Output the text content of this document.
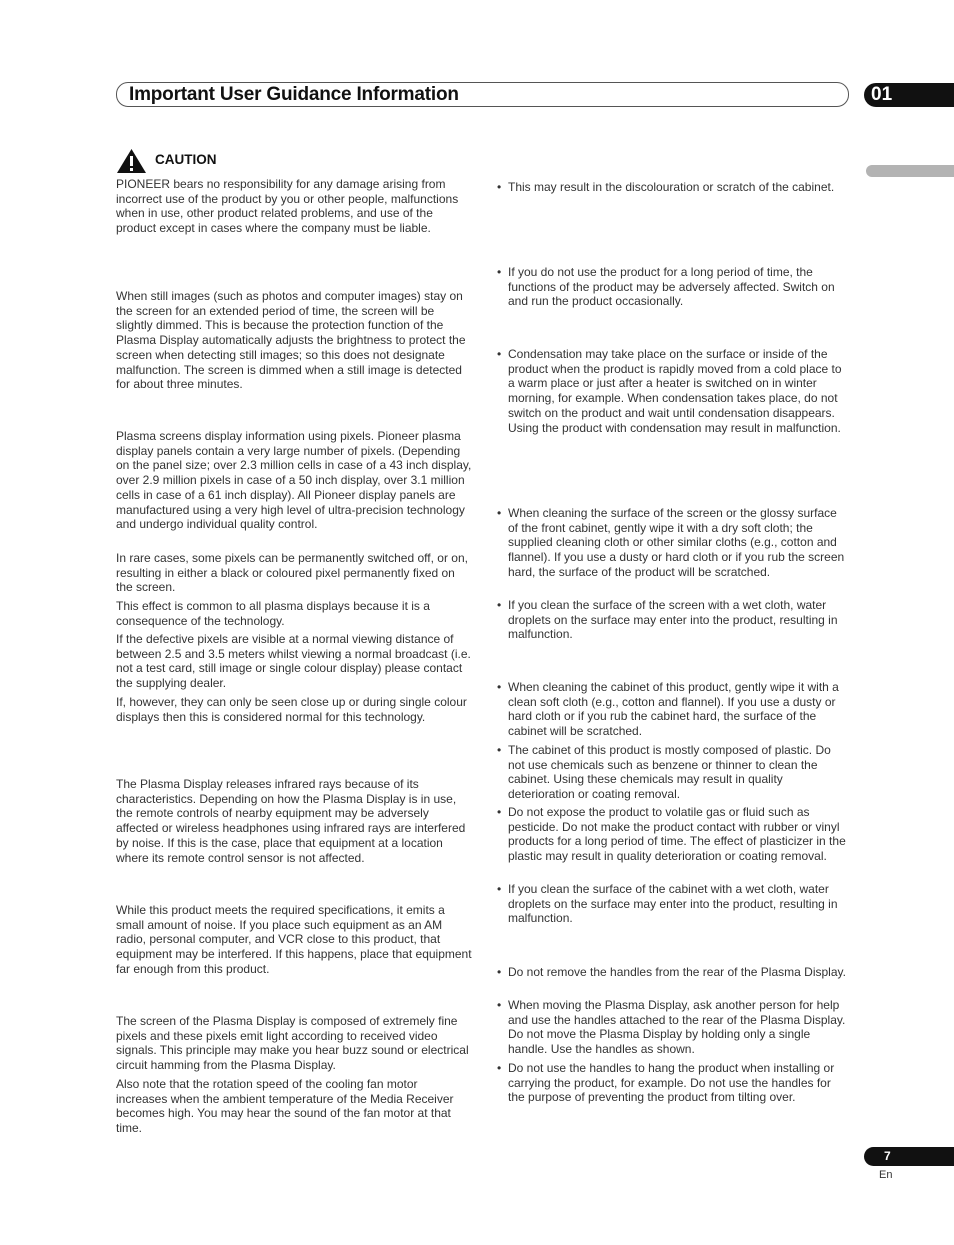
Important User Guidance Information	01
CAUTION

PIONEER bears no responsibility for any damage arising from incorrect use of the product by you or other people, malfunctions when in use, other product related problems, and use of the product except in cases where the company must be liable.

When still images (such as photos and computer images) stay on the screen for an extended period of time, the screen will be slightly dimmed. This is because the protection function of the Plasma Display automatically adjusts the brightness to protect the screen when detecting still images; so this does not designate malfunction. The screen is dimmed when a still image is detected for about three minutes.

Plasma screens display information using pixels. Pioneer plasma display panels contain a very large number of pixels. (Depending on the panel size; over 2.3 million cells in case of a 43 inch display, over 2.9 million pixels in case of a 50 inch display, over 3.1 million cells in case of a 61 inch display). All Pioneer display panels are manufactured using a very high level of ultra-precision technology and undergo individual quality control.

In rare cases, some pixels can be permanently switched off, or on, resulting in either a black or coloured pixel permanently fixed on the screen.

This effect is common to all plasma displays because it is a consequence of the technology.

If the defective pixels are visible at a normal viewing distance of between 2.5 and 3.5 meters whilst viewing a normal broadcast (i.e. not a test card, still image or single colour display) please contact the supplying dealer.

If, however, they can only be seen close up or during single colour displays then this is considered normal for this technology.

The Plasma Display releases infrared rays because of its characteristics. Depending on how the Plasma Display is in use, the remote controls of nearby equipment may be adversely affected or wireless headphones using infrared rays are interfered by noise. If this is the case, place that equipment at a location where its remote control sensor is not affected.

While this product meets the required specifications, it emits a small amount of noise. If you place such equipment as an AM radio, personal computer, and VCR close to this product, that equipment may be interfered. If this happens, place that equipment far enough from this product.

The screen of the Plasma Display is composed of extremely fine pixels and these pixels emit light according to received video signals. This principle may make you hear buzz sound or electrical circuit hamming from the Plasma Display.

Also note that the rotation speed of the cooling fan motor increases when the ambient temperature of the Media Receiver becomes high. You may hear the sound of the fan motor at that time.

• This may result in the discolouration or scratch of the cabinet.

• If you do not use the product for a long period of time, the functions of the product may be adversely affected. Switch on and run the product occasionally.

• Condensation may take place on the surface or inside of the product when the product is rapidly moved from a cold place to a warm place or just after a heater is switched on in winter morning, for example. When condensation takes place, do not switch on the product and wait until condensation disappears. Using the product with condensation may result in malfunction.

• When cleaning the surface of the screen or the glossy surface of the front cabinet, gently wipe it with a dry soft cloth; the supplied cleaning cloth or other similar cloths (e.g., cotton and flannel). If you use a dusty or hard cloth or if you rub the screen hard, the surface of the product will be scratched.

• If you clean the surface of the screen with a wet cloth, water droplets on the surface may enter into the product, resulting in malfunction.

• When cleaning the cabinet of this product, gently wipe it with a clean soft cloth (e.g., cotton and flannel). If you use a dusty or hard cloth or if you rub the cabinet hard, the surface of the cabinet will be scratched.

• The cabinet of this product is mostly composed of plastic. Do not use chemicals such as benzene or thinner to clean the cabinet. Using these chemicals may result in quality deterioration or coating removal.

• Do not expose the product to volatile gas or fluid such as pesticide. Do not make the product contact with rubber or vinyl products for a long period of time. The effect of plasticizer in the plastic may result in quality deterioration or coating removal.

• If you clean the surface of the cabinet with a wet cloth, water droplets on the surface may enter into the product, resulting in malfunction.

• Do not remove the handles from the rear of the Plasma Display.

• When moving the Plasma Display, ask another person for help and use the handles attached to the rear of the Plasma Display. Do not move the Plasma Display by holding only a single handle. Use the handles as shown.

• Do not use the handles to hang the product when installing or carrying the product, for example. Do not use the handles for the purpose of preventing the product from tilting over.

7
En
